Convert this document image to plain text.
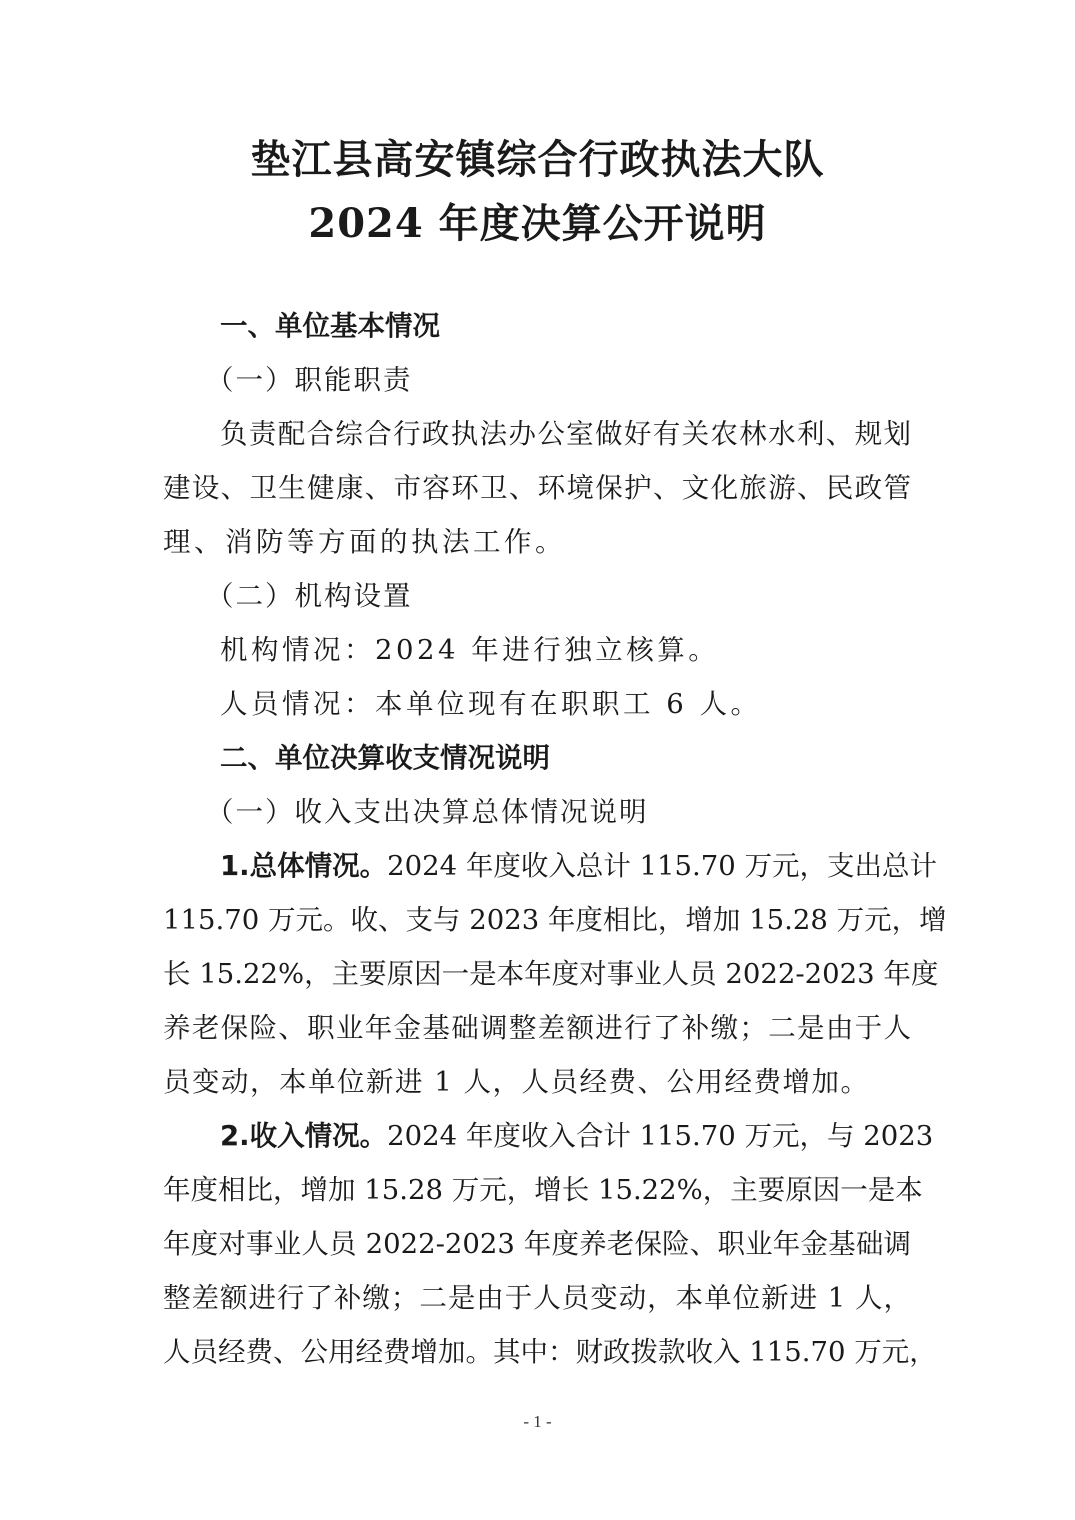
垫江县高安镇综合行政执法大队
2024 年度决算公开说明
一、单位基本情况
（一）职能职责
负责配合综合行政执法办公室做好有关农林水利、规划
建设、卫生健康、市容环卫、环境保护、文化旅游、民政管
理、消防等方面的执法工作。
（二）机构设置
机构情况：2024 年进行独立核算。
人员情况：本单位现有在职职工 6 人。
二、单位决算收支情况说明
（一）收入支出决算总体情况说明
1.总体情况。2024 年度收入总计 115.70 万元，支出总计
115.70 万元。收、支与 2023 年度相比，增加 15.28 万元，增
长 15.22%，主要原因一是本年度对事业人员 2022-2023 年度
养老保险、职业年金基础调整差额进行了补缴；二是由于人
员变动，本单位新进 1 人，人员经费、公用经费增加。
2.收入情况。2024 年度收入合计 115.70 万元，与 2023
年度相比，增加 15.28 万元，增长 15.22%，主要原因一是本
年度对事业人员 2022-2023 年度养老保险、职业年金基础调
整差额进行了补缴；二是由于人员变动，本单位新进 1 人，
人员经费、公用经费增加。其中：财政拨款收入 115.70 万元，
- 1 -
